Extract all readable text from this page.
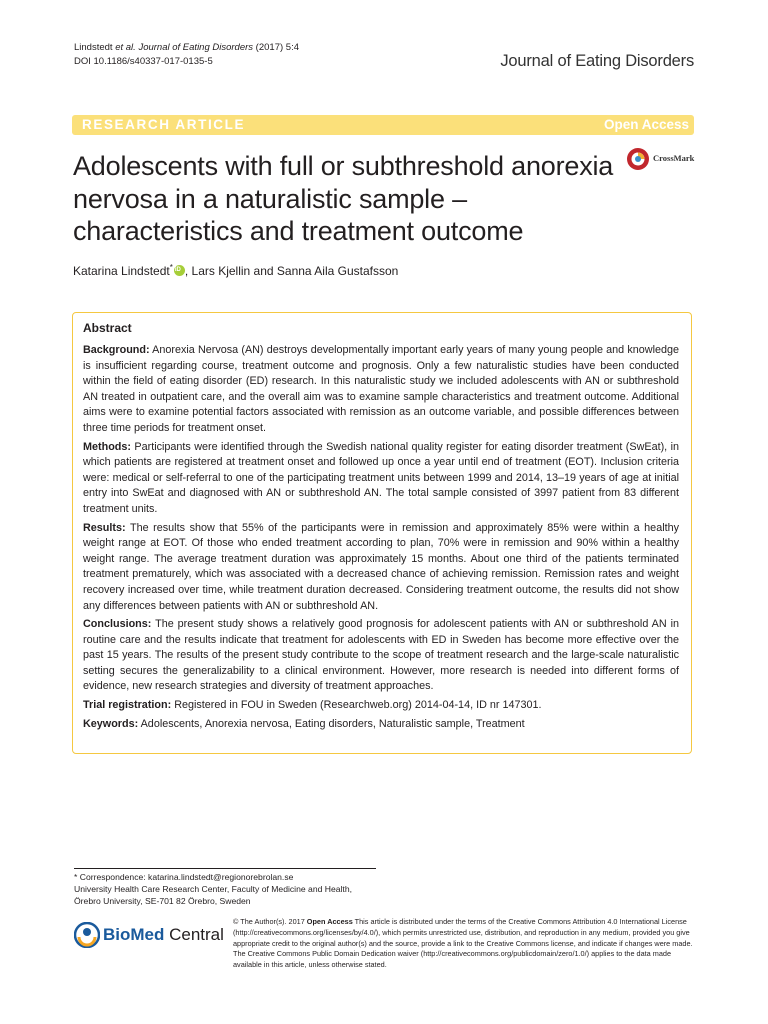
Lindstedt et al. Journal of Eating Disorders (2017) 5:4
DOI 10.1186/s40337-017-0135-5	Journal of Eating Disorders
RESEARCH ARTICLE	Open Access
CrossMark
Adolescents with full or subthreshold anorexia nervosa in a naturalistic sample – characteristics and treatment outcome
Katarina Lindstedt*iD , Lars Kjellin and Sanna Aila Gustafsson
Abstract
Background: Anorexia Nervosa (AN) destroys developmentally important early years of many young people and knowledge is insufficient regarding course, treatment outcome and prognosis. Only a few naturalistic studies have been conducted within the field of eating disorder (ED) research. In this naturalistic study we included adolescents with AN or subthreshold AN treated in outpatient care, and the overall aim was to examine sample characteristics and treatment outcome. Additional aims were to examine potential factors associated with remission as an outcome variable, and possible differences between three time periods for treatment onset.
Methods: Participants were identified through the Swedish national quality register for eating disorder treatment (SwEat), in which patients are registered at treatment onset and followed up once a year until end of treatment (EOT). Inclusion criteria were: medical or self-referral to one of the participating treatment units between 1999 and 2014, 13–19 years of age at initial entry into SwEat and diagnosed with AN or subthreshold AN. The total sample consisted of 3997 patient from 83 different treatment units.
Results: The results show that 55% of the participants were in remission and approximately 85% were within a healthy weight range at EOT. Of those who ended treatment according to plan, 70% were in remission and 90% within a healthy weight range. The average treatment duration was approximately 15 months. About one third of the patients terminated treatment prematurely, which was associated with a decreased chance of achieving remission. Remission rates and weight recovery increased over time, while treatment duration decreased. Considering treatment outcome, the results did not show any differences between patients with AN or subthreshold AN.
Conclusions: The present study shows a relatively good prognosis for adolescent patients with AN or subthreshold AN in routine care and the results indicate that treatment for adolescents with ED in Sweden has become more effective over the past 15 years. The results of the present study contribute to the scope of treatment research and the large-scale naturalistic setting secures the generalizability to a clinical environment. However, more research is needed into different forms of evidence, new research strategies and diversity of treatment approaches.
Trial registration: Registered in FOU in Sweden (Researchweb.org) 2014-04-14, ID nr 147301.
Keywords: Adolescents, Anorexia nervosa, Eating disorders, Naturalistic sample, Treatment
* Correspondence: katarina.lindstedt@regionorebrolan.se
University Health Care Research Center, Faculty of Medicine and Health,
Örebro University, SE-701 82 Örebro, Sweden
BioMed Central
© The Author(s). 2017 Open Access This article is distributed under the terms of the Creative Commons Attribution 4.0 International License (http://creativecommons.org/licenses/by/4.0/), which permits unrestricted use, distribution, and reproduction in any medium, provided you give appropriate credit to the original author(s) and the source, provide a link to the Creative Commons license, and indicate if changes were made. The Creative Commons Public Domain Dedication waiver (http://creativecommons.org/publicdomain/zero/1.0/) applies to the data made available in this article, unless otherwise stated.
